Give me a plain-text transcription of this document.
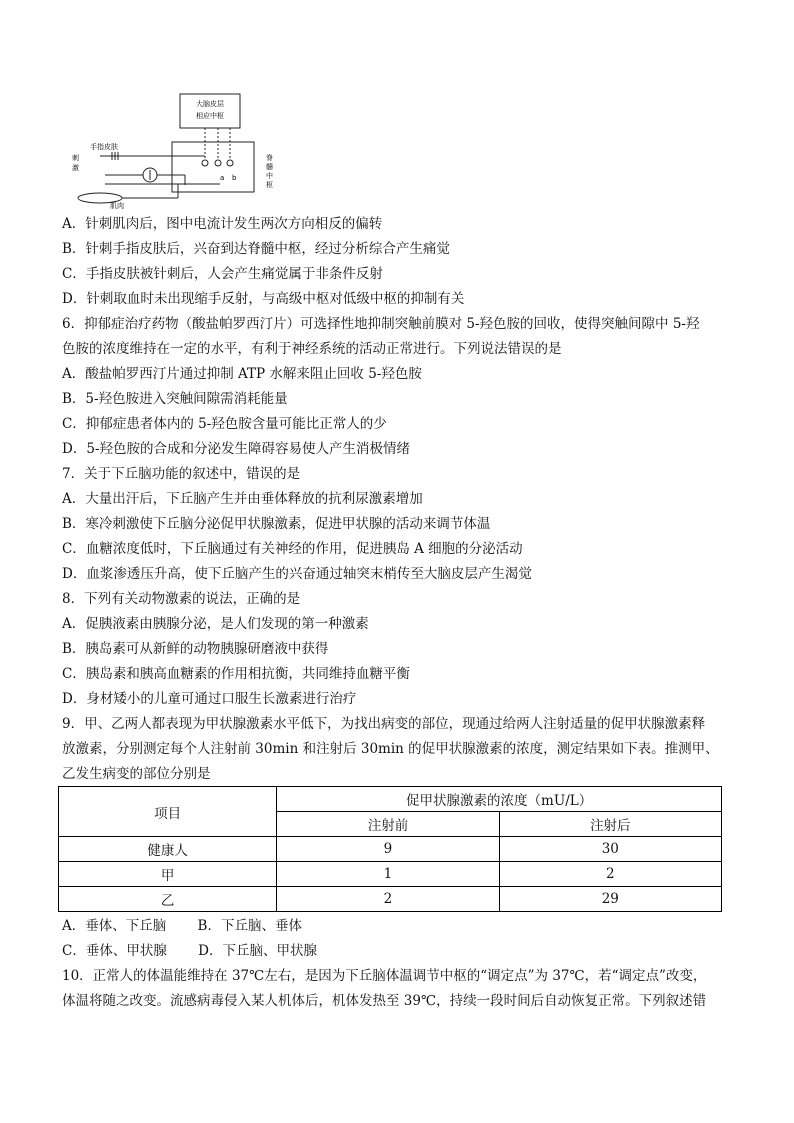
大脑皮层
相应中枢
脊
髓
中
枢
a b
手指皮肤
刺
激
肌肉
A．针刺肌肉后，图中电流计发生两次方向相反的偏转
B．针刺手指皮肤后，兴奋到达脊髓中枢，经过分析综合产生痛觉
C．手指皮肤被针刺后，人会产生痛觉属于非条件反射
D．针刺取血时未出现缩手反射，与高级中枢对低级中枢的抑制有关
6．抑郁症治疗药物（酸盐帕罗西汀片）可选择性地抑制突触前膜对 5-羟色胺的回收，使得突触间隙中 5-羟
色胺的浓度维持在一定的水平，有利于神经系统的活动正常进行。下列说法错误的是
A．酸盐帕罗西汀片通过抑制 ATP 水解来阻止回收 5-羟色胺
B．5-羟色胺进入突触间隙需消耗能量
C．抑郁症患者体内的 5-羟色胺含量可能比正常人的少
D．5-羟色胺的合成和分泌发生障碍容易使人产生消极情绪
7．关于下丘脑功能的叙述中，错误的是
A．大量出汗后，下丘脑产生并由垂体释放的抗利尿激素增加
B．寒冷刺激使下丘脑分泌促甲状腺激素，促进甲状腺的活动来调节体温
C．血糖浓度低时，下丘脑通过有关神经的作用，促进胰岛 A 细胞的分泌活动
D．血浆渗透压升高，使下丘脑产生的兴奋通过轴突末梢传至大脑皮层产生渴觉
8．下列有关动物激素的说法，正确的是
A．促胰液素由胰腺分泌，是人们发现的第一种激素
B．胰岛素可从新鲜的动物胰腺研磨液中获得
C．胰岛素和胰高血糖素的作用相抗衡，共同维持血糖平衡
D．身材矮小的儿童可通过口服生长激素进行治疗
9．甲、乙两人都表现为甲状腺激素水平低下，为找出病变的部位，现通过给两人注射适量的促甲状腺激素释
放激素，分别测定每个人注射前 30min 和注射后 30min 的促甲状腺激素的浓度，测定结果如下表。推测甲、
乙发生病变的部位分别是
项目	促甲状腺激素的浓度（mU/L）	
	注射前	注射后
健康人	9	30
甲	1	2
乙	2	29
A．垂体、下丘脑　　 B．下丘脑、垂体
C．垂体、甲状腺　　 D．下丘脑、甲状腺
10．正常人的体温能维持在 37℃左右，是因为下丘脑体温调节中枢的“调定点”为 37℃，若“调定点”改变，
体温将随之改变。流感病毒侵入某人机体后，机体发热至 39℃，持续一段时间后自动恢复正常。下列叙述错
